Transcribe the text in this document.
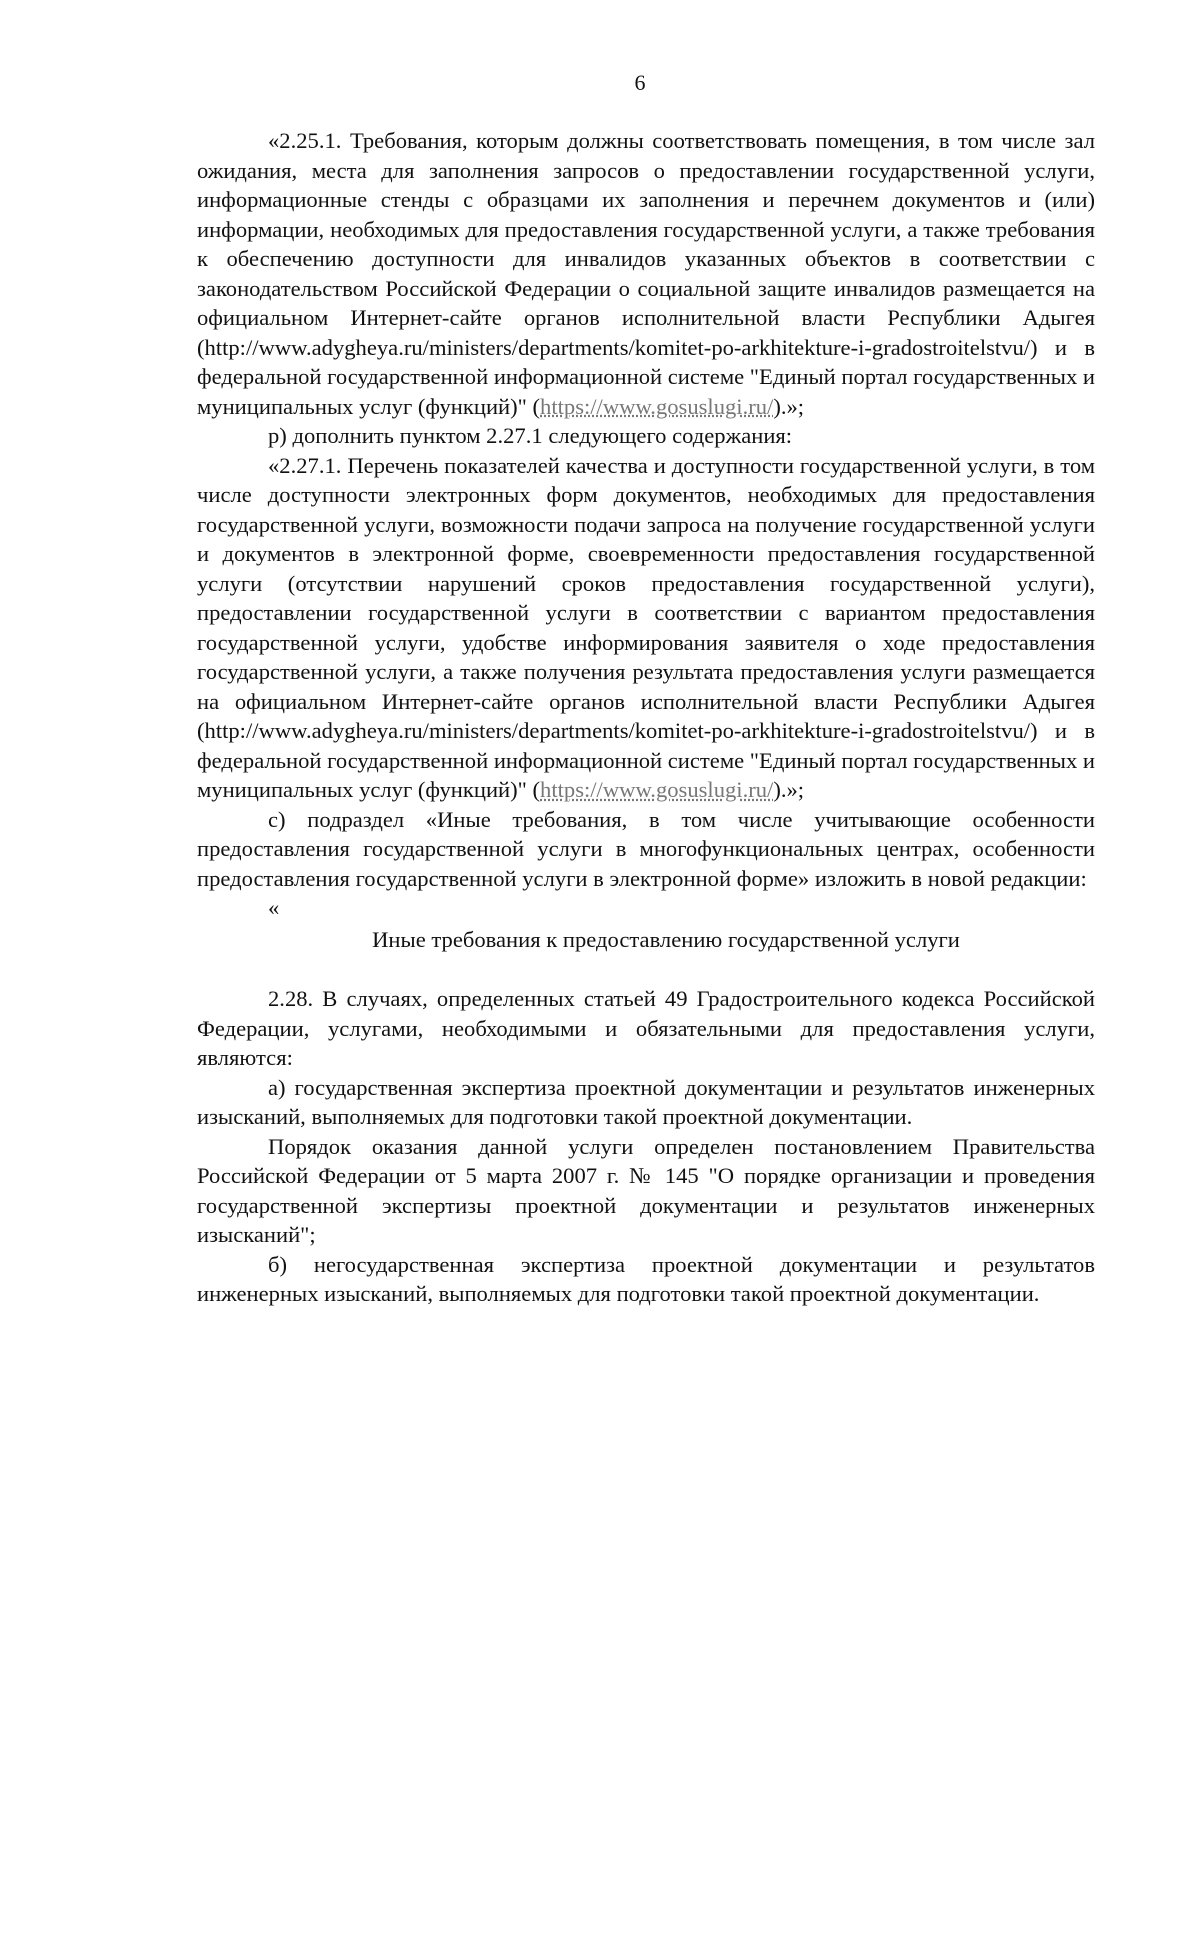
6

«2.25.1. Требования, которым должны соответствовать помещения, в том числе зал ожидания, места для заполнения запросов о предоставлении государственной услуги, информационные стенды с образцами их заполнения и перечнем документов и (или) информации, необходимых для предоставления государственной услуги, а также требования к обеспечению доступности для инвалидов указанных объектов в соответствии с законодательством Российской Федерации о социальной защите инвалидов размещается на официальном Интернет-сайте органов исполнительной власти Республики Адыгея (http://www.adygheya.ru/ministers/departments/komitet-po-arkhitekture-i-gradostroitelstvu/) и в федеральной государственной информационной системе "Единый портал государственных и муниципальных услуг (функций)" (https://www.gosuslugi.ru/).»;

р) дополнить пунктом 2.27.1 следующего содержания:

«2.27.1. Перечень показателей качества и доступности государственной услуги, в том числе доступности электронных форм документов, необходимых для предоставления государственной услуги, возможности подачи запроса на получение государственной услуги и документов в электронной форме, своевременности предоставления государственной услуги (отсутствии нарушений сроков предоставления государственной услуги), предоставлении государственной услуги в соответствии с вариантом предоставления государственной услуги, удобстве информирования заявителя о ходе предоставления государственной услуги, а также получения результата предоставления услуги размещается на официальном Интернет-сайте органов исполнительной власти Республики Адыгея (http://www.adygheya.ru/ministers/departments/komitet-po-arkhitekture-i-gradostroitelstvu/) и в федеральной государственной информационной системе "Единый портал государственных и муниципальных услуг (функций)" (https://www.gosuslugi.ru/).»;

с) подраздел «Иные требования, в том числе учитывающие особенности предоставления государственной услуги в многофункциональных центрах, особенности предоставления государственной услуги в электронной форме» изложить в новой редакции:

«

Иные требования к предоставлению государственной услуги

2.28. В случаях, определенных статьей 49 Градостроительного кодекса Российской Федерации, услугами, необходимыми и обязательными для предоставления услуги, являются:

а) государственная экспертиза проектной документации и результатов инженерных изысканий, выполняемых для подготовки такой проектной документации.

Порядок оказания данной услуги определен постановлением Правительства Российской Федерации от 5 марта 2007 г. № 145 "О порядке организации и проведения государственной экспертизы проектной документации и результатов инженерных изысканий";

б) негосударственная экспертиза проектной документации и результатов инженерных изысканий, выполняемых для подготовки такой проектной документации.
